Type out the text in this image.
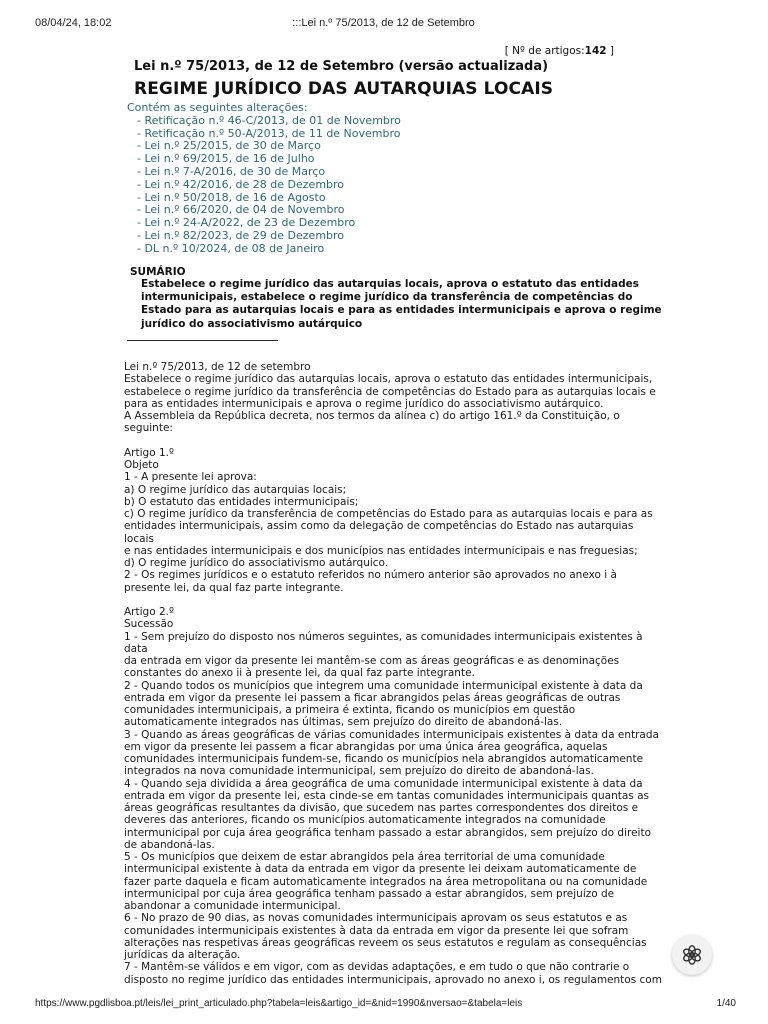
08/04/24, 18:02	:::Lei n.º 75/2013, de 12 de Setembro
[ Nº de artigos:142 ]
Lei n.º 75/2013, de 12 de Setembro (versão actualizada)
REGIME JURÍDICO DAS AUTARQUIAS LOCAIS
Contém as seguintes alterações:
- Retificação n.º 46-C/2013, de 01 de Novembro
- Retificação n.º 50-A/2013, de 11 de Novembro
- Lei n.º 25/2015, de 30 de Março
- Lei n.º 69/2015, de 16 de Julho
- Lei n.º 7-A/2016, de 30 de Março
- Lei n.º 42/2016, de 28 de Dezembro
- Lei n.º 50/2018, de 16 de Agosto
- Lei n.º 66/2020, de 04 de Novembro
- Lei n.º 24-A/2022, de 23 de Dezembro
- Lei n.º 82/2023, de 29 de Dezembro
- DL n.º 10/2024, de 08 de Janeiro
SUMÁRIO
Estabelece o regime jurídico das autarquias locais, aprova o estatuto das entidades intermunicipais, estabelece o regime jurídico da transferência de competências do Estado para as autarquias locais e para as entidades intermunicipais e aprova o regime jurídico do associativismo autárquico

Lei n.º 75/2013, de 12 de setembro

Estabelece o regime jurídico das autarquias locais, aprova o estatuto das entidades intermunicipais,

estabelece o regime jurídico da transferência de competências do Estado para as autarquias locais e

para as entidades intermunicipais e aprova o regime jurídico do associativismo autárquico.

A Assembleia da República decreta, nos termos da alínea c) do artigo 161.º da Constituição, o

seguinte:

Artigo 1.º

Objeto

1 - A presente lei aprova:

a) O regime jurídico das autarquias locais;

b) O estatuto das entidades intermunicipais;

c) O regime jurídico da transferência de competências do Estado para as autarquias locais e para as

entidades intermunicipais, assim como da delegação de competências do Estado nas autarquias locais

e nas entidades intermunicipais e dos municípios nas entidades intermunicipais e nas freguesias;

d) O regime jurídico do associativismo autárquico.

2 - Os regimes jurídicos e o estatuto referidos no número anterior são aprovados no anexo i à

presente lei, da qual faz parte integrante.

Artigo 2.º

Sucessão

1 - Sem prejuízo do disposto nos números seguintes, as comunidades intermunicipais existentes à data

da entrada em vigor da presente lei mantêm-se com as áreas geográficas e as denominações

constantes do anexo ii à presente lei, da qual faz parte integrante.

2 - Quando todos os municípios que integrem uma comunidade intermunicipal existente à data da

entrada em vigor da presente lei passem a ficar abrangidos pelas áreas geográficas de outras

comunidades intermunicipais, a primeira é extinta, ficando os municípios em questão

automaticamente integrados nas últimas, sem prejuízo do direito de abandoná-las.

3 - Quando as áreas geográficas de várias comunidades intermunicipais existentes à data da entrada

em vigor da presente lei passem a ficar abrangidas por uma única área geográfica, aquelas

comunidades intermunicipais fundem-se, ficando os municípios nela abrangidos automaticamente

integrados na nova comunidade intermunicipal, sem prejuízo do direito de abandoná-las.

4 - Quando seja dividida a área geográfica de uma comunidade intermunicipal existente à data da

entrada em vigor da presente lei, esta cinde-se em tantas comunidades intermunicipais quantas as

áreas geográficas resultantes da divisão, que sucedem nas partes correspondentes dos direitos e

deveres das anteriores, ficando os municípios automaticamente integrados na comunidade

intermunicipal por cuja área geográfica tenham passado a estar abrangidos, sem prejuízo do direito

de abandoná-las.

5 - Os municípios que deixem de estar abrangidos pela área territorial de uma comunidade

intermunicipal existente à data da entrada em vigor da presente lei deixam automaticamente de

fazer parte daquela e ficam automaticamente integrados na área metropolitana ou na comunidade

intermunicipal por cuja área geográfica tenham passado a estar abrangidos, sem prejuízo de

abandonar a comunidade intermunicipal.

6 - No prazo de 90 dias, as novas comunidades intermunicipais aprovam os seus estatutos e as

comunidades intermunicipais existentes à data da entrada em vigor da presente lei que sofram

alterações nas respetivas áreas geográficas reveem os seus estatutos e regulam as consequências

jurídicas da alteração.

7 - Mantêm-se válidos e em vigor, com as devidas adaptações, e em tudo o que não contrarie o

disposto no regime jurídico das entidades intermunicipais, aprovado no anexo i, os regulamentos com

https://www.pgdlisboa.pt/leis/lei_print_articulado.php?tabela=leis&artigo_id=&nid=1990&nversao=&tabela=leis	1/40
